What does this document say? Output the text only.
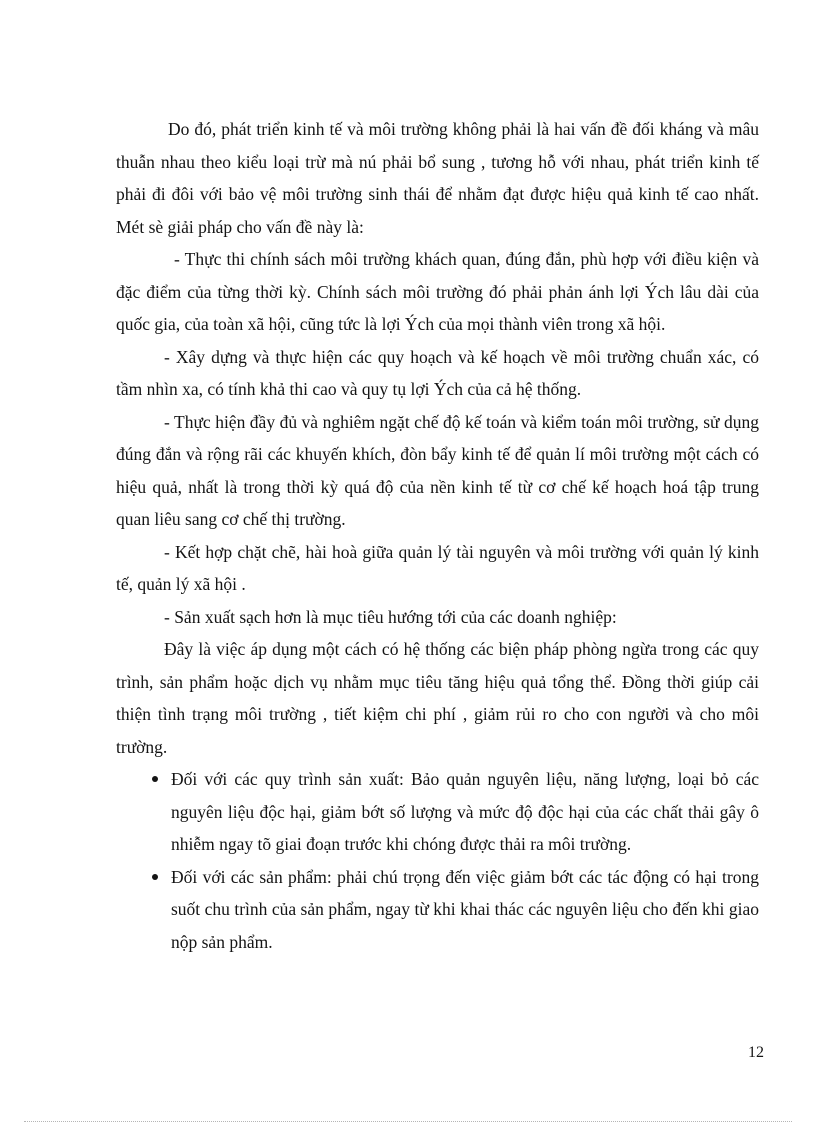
Do đó, phát triển kinh tế và môi trường không phải là hai vấn đề đối kháng và mâu thuẫn nhau theo kiểu loại trừ mà nú phải bổ sung , tương hỗ với nhau, phát triển kinh tế phải đi đôi với bảo vệ môi trường sinh thái để nhằm đạt được hiệu quả kinh tế cao nhất. Mét sè giải pháp cho vấn đề này là:

- Thực thi chính sách môi trường khách quan, đúng đắn, phù hợp với điều kiện và đặc điểm của từng thời kỳ. Chính sách môi trường đó phải phản ánh lợi Ých lâu dài của quốc gia, của toàn xã hội, cũng tức là lợi Ých của mọi thành viên trong xã hội.

- Xây dựng và thực hiện các quy hoạch và kế hoạch về môi trường chuẩn xác, có tầm nhìn xa, có tính khả thi cao và quy tụ lợi Ých của cả hệ thống.

- Thực hiện đầy đủ và nghiêm ngặt chế độ kế toán và kiểm toán môi trường, sử dụng đúng đắn và rộng rãi các khuyến khích, đòn bẩy kinh tế để quản lí môi trường một cách có hiệu quả, nhất là trong thời kỳ quá độ của nền kinh tế từ cơ chế kế hoạch hoá tập trung quan liêu sang cơ chế thị trường.

- Kết hợp chặt chẽ, hài hoà giữa quản lý tài nguyên và môi trường với quản lý kinh tế, quản lý xã hội .

- Sản xuất sạch hơn là mục tiêu hướng tới của các doanh nghiệp:

Đây là việc áp dụng một cách có hệ thống các biện pháp phòng ngừa trong các quy trình, sản phẩm hoặc dịch vụ nhằm mục tiêu tăng hiệu quả tổng thể. Đồng thời giúp cải thiện tình trạng môi trường , tiết kiệm chi phí , giảm rủi ro cho con người và cho môi trường.

Đối với các quy trình sản xuất: Bảo quản nguyên liệu, năng lượng, loại bỏ các nguyên liệu độc hại, giảm bớt số lượng và mức độ độc hại của các chất thải gây ô nhiễm ngay tõ giai đoạn trước khi chóng được thải ra môi trường.
Đối với các sản phẩm: phải chú trọng đến việc giảm bớt các tác động có hại trong suốt chu trình của sản phẩm, ngay từ khi khai thác các nguyên liệu cho đến khi giao nộp sản phẩm.
12
